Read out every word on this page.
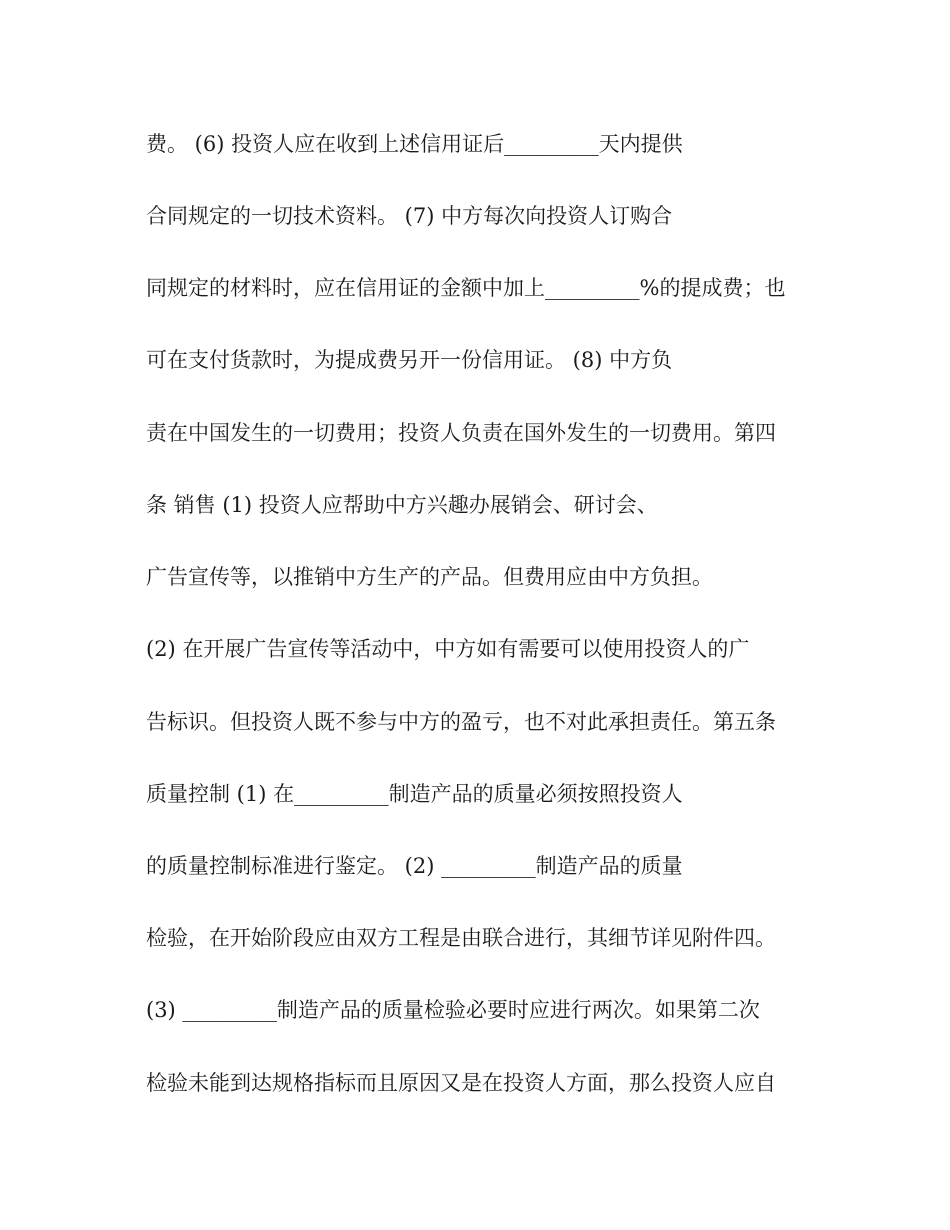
费。 (6) 投资人应在收到上述信用证后_________天内提供
合同规定的一切技术资料。 (7) 中方每次向投资人订购合
同规定的材料时，应在信用证的金额中加上_________%的提成费；也
可在支付货款时，为提成费另开一份信用证。 (8) 中方负
责在中国发生的一切费用；投资人负责在国外发生的一切费用。第四
条 销售 (1) 投资人应帮助中方兴趣办展销会、研讨会、
广告宣传等，以推销中方生产的产品。但费用应由中方负担。
(2) 在开展广告宣传等活动中，中方如有需要可以使用投资人的广
告标识。但投资人既不参与中方的盈亏，也不对此承担责任。第五条
质量控制 (1) 在_________制造产品的质量必须按照投资人
的质量控制标准进行鉴定。 (2) _________制造产品的质量
检验，在开始阶段应由双方工程是由联合进行，其细节详见附件四。
(3) _________制造产品的质量检验必要时应进行两次。如果第二次
检验未能到达规格指标而且原因又是在投资人方面，那么投资人应自
